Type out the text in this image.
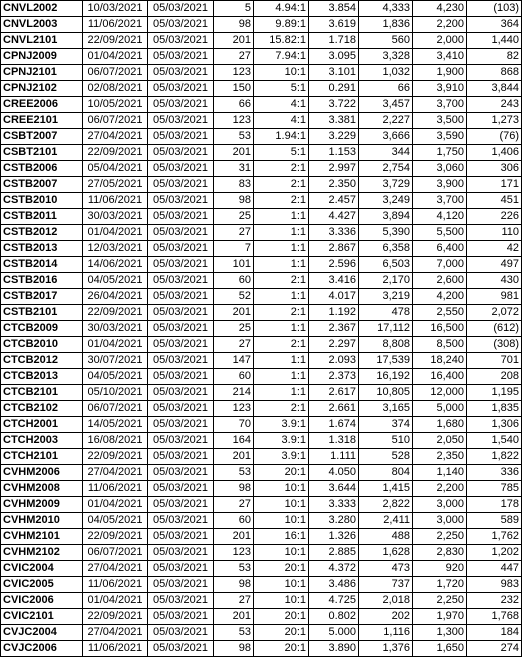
CNVL2002	10/03/2021	05/03/2021	5	4.94:1	3.854	4,333	4,230	(103)
CNVL2003	11/06/2021	05/03/2021	98	9.89:1	3.619	1,836	2,200	364
CNVL2101	22/09/2021	05/03/2021	201	15.82:1	1.718	560	2,000	1,440
CPNJ2009	01/04/2021	05/03/2021	27	7.94:1	3.095	3,328	3,410	82
CPNJ2101	06/07/2021	05/03/2021	123	10:1	3.101	1,032	1,900	868
CPNJ2102	02/08/2021	05/03/2021	150	5:1	0.291	66	3,910	3,844
CREE2006	10/05/2021	05/03/2021	66	4:1	3.722	3,457	3,700	243
CREE2101	06/07/2021	05/03/2021	123	4:1	3.381	2,227	3,500	1,273
CSBT2007	27/04/2021	05/03/2021	53	1.94:1	3.229	3,666	3,590	(76)
CSBT2101	22/09/2021	05/03/2021	201	5:1	1.153	344	1,750	1,406
CSTB2006	05/04/2021	05/03/2021	31	2:1	2.997	2,754	3,060	306
CSTB2007	27/05/2021	05/03/2021	83	2:1	2.350	3,729	3,900	171
CSTB2010	11/06/2021	05/03/2021	98	2:1	2.457	3,249	3,700	451
CSTB2011	30/03/2021	05/03/2021	25	1:1	4.427	3,894	4,120	226
CSTB2012	01/04/2021	05/03/2021	27	1:1	3.336	5,390	5,500	110
CSTB2013	12/03/2021	05/03/2021	7	1:1	2.867	6,358	6,400	42
CSTB2014	14/06/2021	05/03/2021	101	1:1	2.596	6,503	7,000	497
CSTB2016	04/05/2021	05/03/2021	60	2:1	3.416	2,170	2,600	430
CSTB2017	26/04/2021	05/03/2021	52	1:1	4.017	3,219	4,200	981
CSTB2101	22/09/2021	05/03/2021	201	2:1	1.192	478	2,550	2,072
CTCB2009	30/03/2021	05/03/2021	25	1:1	2.367	17,112	16,500	(612)
CTCB2010	01/04/2021	05/03/2021	27	2:1	2.297	8,808	8,500	(308)
CTCB2012	30/07/2021	05/03/2021	147	1:1	2.093	17,539	18,240	701
CTCB2013	04/05/2021	05/03/2021	60	1:1	2.373	16,192	16,400	208
CTCB2101	05/10/2021	05/03/2021	214	1:1	2.617	10,805	12,000	1,195
CTCB2102	06/07/2021	05/03/2021	123	2:1	2.661	3,165	5,000	1,835
CTCH2001	14/05/2021	05/03/2021	70	3.9:1	1.674	374	1,680	1,306
CTCH2003	16/08/2021	05/03/2021	164	3.9:1	1.318	510	2,050	1,540
CTCH2101	22/09/2021	05/03/2021	201	3.9:1	1.111	528	2,350	1,822
CVHM2006	27/04/2021	05/03/2021	53	20:1	4.050	804	1,140	336
CVHM2008	11/06/2021	05/03/2021	98	10:1	3.644	1,415	2,200	785
CVHM2009	01/04/2021	05/03/2021	27	10:1	3.333	2,822	3,000	178
CVHM2010	04/05/2021	05/03/2021	60	10:1	3.280	2,411	3,000	589
CVHM2101	22/09/2021	05/03/2021	201	16:1	1.326	488	2,250	1,762
CVHM2102	06/07/2021	05/03/2021	123	10:1	2.885	1,628	2,830	1,202
CVIC2004	27/04/2021	05/03/2021	53	20:1	4.372	473	920	447
CVIC2005	11/06/2021	05/03/2021	98	10:1	3.486	737	1,720	983
CVIC2006	01/04/2021	05/03/2021	27	10:1	4.725	2,018	2,250	232
CVIC2101	22/09/2021	05/03/2021	201	20:1	0.802	202	1,970	1,768
CVJC2004	27/04/2021	05/03/2021	53	20:1	5.000	1,116	1,300	184
CVJC2006	11/06/2021	05/03/2021	98	20:1	3.890	1,376	1,650	274
